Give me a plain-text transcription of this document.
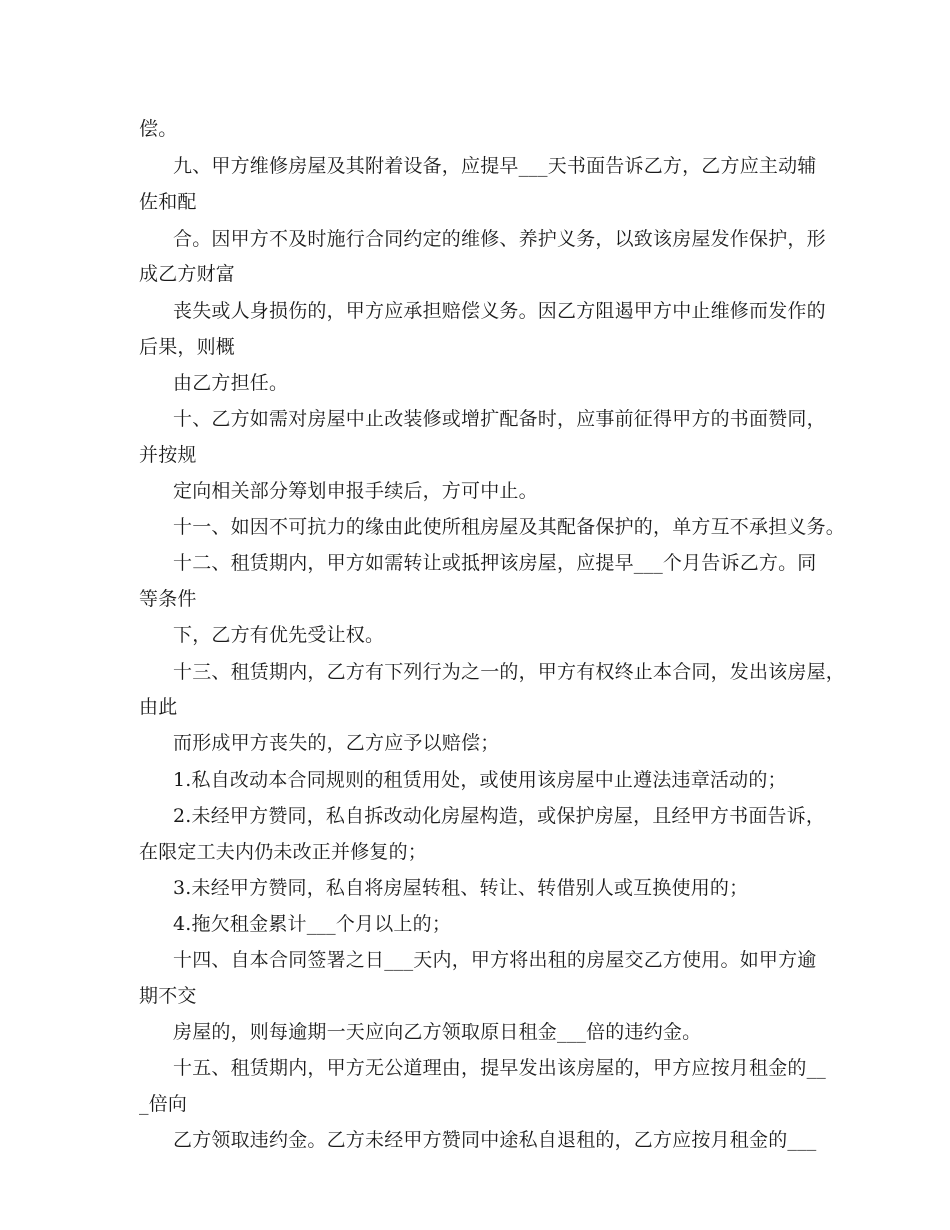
偿。
九、甲方维修房屋及其附着设备，应提早___天书面告诉乙方，乙方应主动辅
佐和配
合。因甲方不及时施行合同约定的维修、养护义务，以致该房屋发作保护，形
成乙方财富
丧失或人身损伤的，甲方应承担赔偿义务。因乙方阻遏甲方中止维修而发作的
后果，则概
由乙方担任。
十、乙方如需对房屋中止改装修或增扩配备时，应事前征得甲方的书面赞同，
并按规
定向相关部分筹划申报手续后，方可中止。
十一、如因不可抗力的缘由此使所租房屋及其配备保护的，单方互不承担义务。
十二、租赁期内，甲方如需转让或抵押该房屋，应提早___个月告诉乙方。同
等条件
下，乙方有优先受让权。
十三、租赁期内，乙方有下列行为之一的，甲方有权终止本合同，发出该房屋，
由此
而形成甲方丧失的，乙方应予以赔偿；
1.私自改动本合同规则的租赁用处，或使用该房屋中止遵法违章活动的；
2.未经甲方赞同，私自拆改动化房屋构造，或保护房屋，且经甲方书面告诉，
在限定工夫内仍未改正并修复的；
3.未经甲方赞同，私自将房屋转租、转让、转借别人或互换使用的；
4.拖欠租金累计___个月以上的；
十四、自本合同签署之日___天内，甲方将出租的房屋交乙方使用。如甲方逾
期不交
房屋的，则每逾期一天应向乙方领取原日租金___倍的违约金。
十五、租赁期内，甲方无公道理由，提早发出该房屋的，甲方应按月租金的__
_倍向
乙方领取违约金。乙方未经甲方赞同中途私自退租的，乙方应按月租金的___
